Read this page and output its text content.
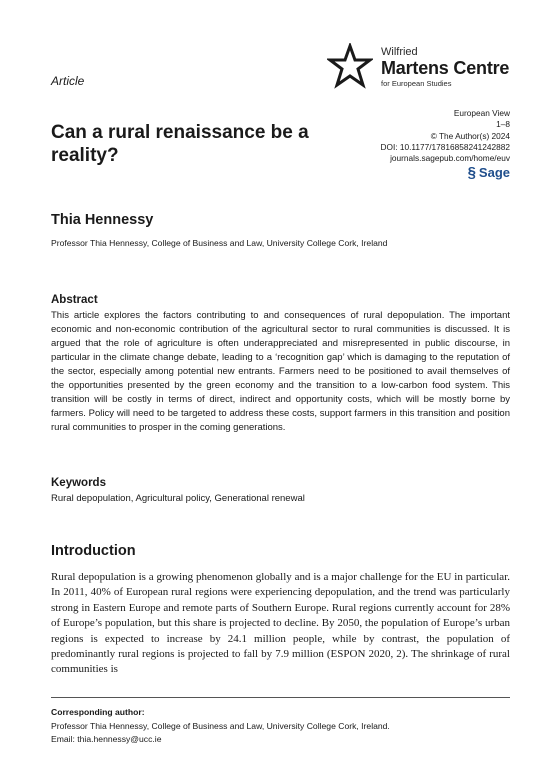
Article
Wilfried
Martens Centre
for European Studies
European View
1–8
© The Author(s) 2024
DOI: 10.1177/17816858241242882
journals.sagepub.com/home/euv
§ Sage
Can a rural renaissance be a reality?
Thia Hennessy
Professor Thia Hennessy, College of Business and Law, University College Cork, Ireland
Abstract
This article explores the factors contributing to and consequences of rural depopulation. The important economic and non-economic contribution of the agricultural sector to rural communities is discussed. It is argued that the role of agriculture is often underappreciated and misrepresented in public discourse, in particular in the climate change debate, leading to a ‘recognition gap’ which is damaging to the reputation of the sector, especially among potential new entrants. Farmers need to be positioned to avail themselves of the opportunities presented by the green economy and the transition to a low-carbon food system. This transition will be costly in terms of direct, indirect and opportunity costs, which will be mostly borne by farmers. Policy will need to be targeted to address these costs, support farmers in this transition and position rural communities to prosper in the coming generations.
Keywords
Rural depopulation, Agricultural policy, Generational renewal
Introduction
Rural depopulation is a growing phenomenon globally and is a major challenge for the EU in particular. In 2011, 40% of European rural regions were experiencing depopulation, and the trend was particularly strong in Eastern Europe and remote parts of Southern Europe. Rural regions currently account for 28% of Europe’s population, but this share is projected to decline. By 2050, the population of Europe’s urban regions is expected to increase by 24.1 million people, while by contrast, the population of predominantly rural regions is projected to fall by 7.9 million (ESPON 2020, 2). The shrinkage of rural communities is
Corresponding author:
Professor Thia Hennessy, College of Business and Law, University College Cork, Ireland.
Email: thia.hennessy@ucc.ie
